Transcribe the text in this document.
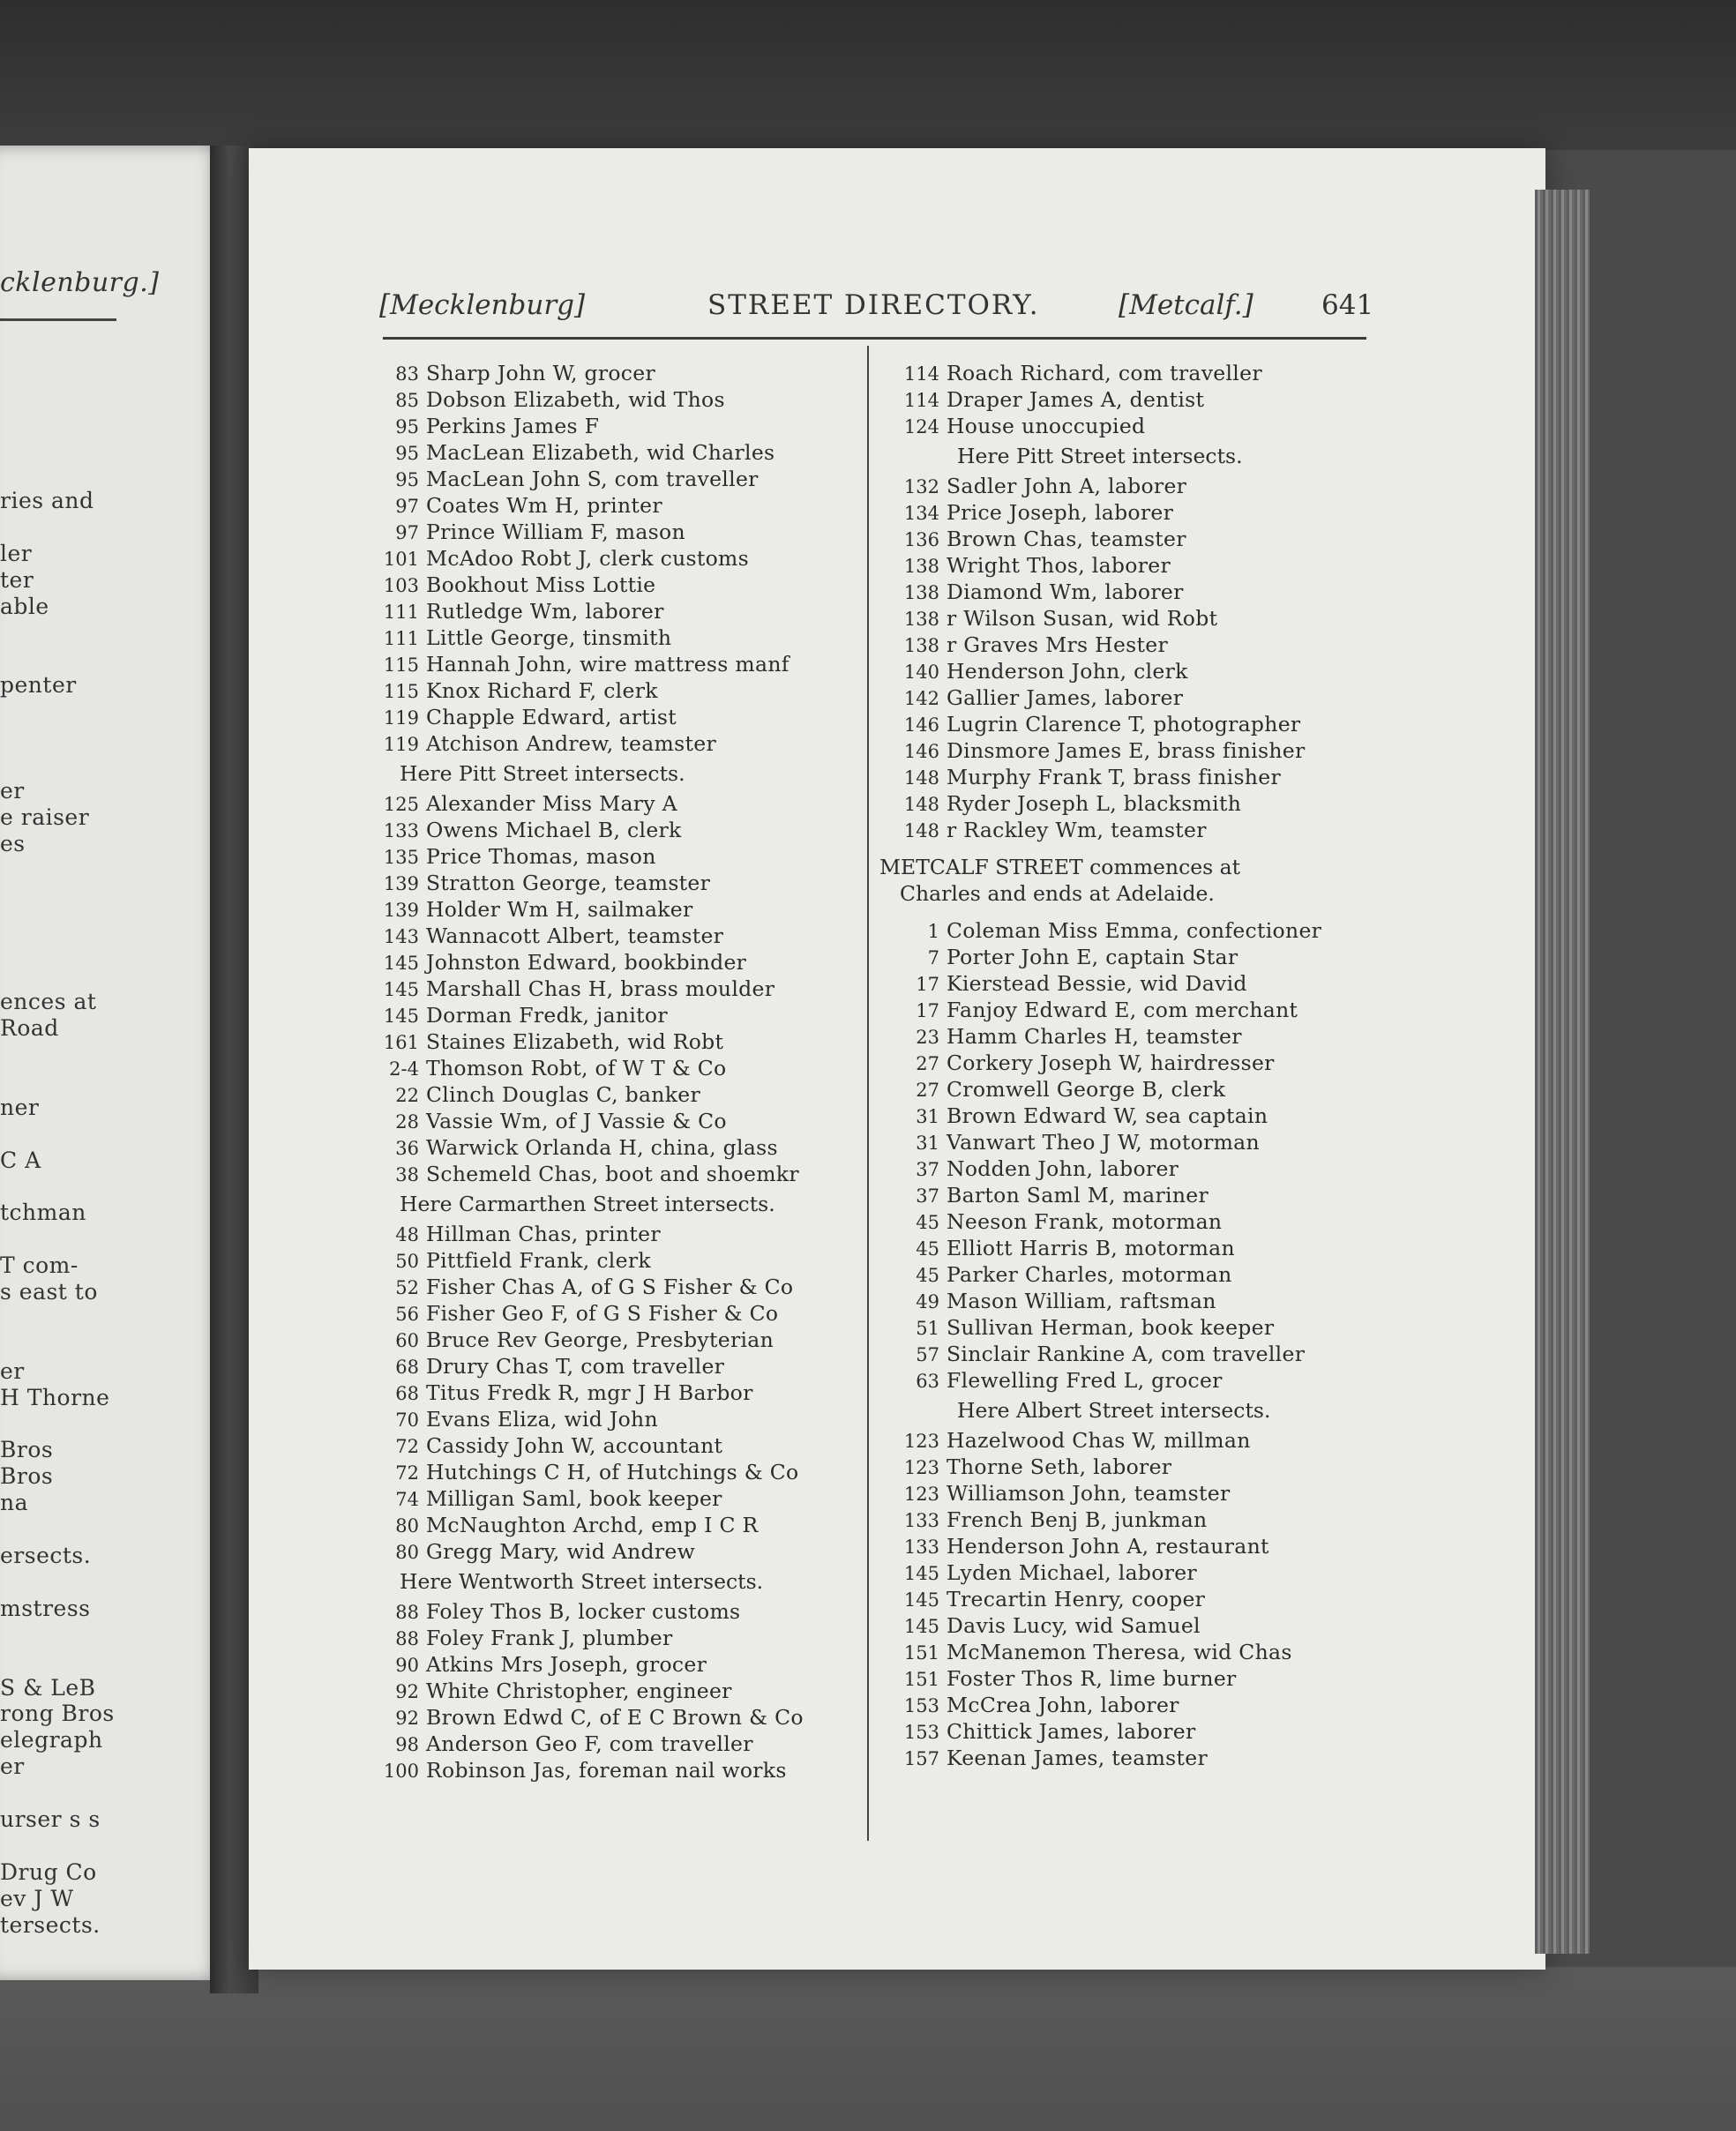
cklenburg.]
ries and
ler
ter
able
penter
er
e raiser
es
ences at
Road
ner
C A
tchman
T com-
s east to
er
H Thorne
Bros
Bros
na
ersects.
mstress
S & LeB
rong Bros
elegraph
er
urser s s
Drug Co
ev J W
tersects.
[Mecklenburg]	STREET DIRECTORY.	[Metcalf.] 641
83 Sharp John W, grocer
85 Dobson Elizabeth, wid Thos
95 Perkins James F
95 MacLean Elizabeth, wid Charles
95 MacLean John S, com traveller
97 Coates Wm H, printer
97 Prince William F, mason
101 McAdoo Robt J, clerk customs
103 Bookhout Miss Lottie
111 Rutledge Wm, laborer
111 Little George, tinsmith
115 Hannah John, wire mattress manf
115 Knox Richard F, clerk
119 Chapple Edward, artist
119 Atchison Andrew, teamster
Here Pitt Street intersects.
125 Alexander Miss Mary A
133 Owens Michael B, clerk
135 Price Thomas, mason
139 Stratton George, teamster
139 Holder Wm H, sailmaker
143 Wannacott Albert, teamster
145 Johnston Edward, bookbinder
145 Marshall Chas H, brass moulder
145 Dorman Fredk, janitor
161 Staines Elizabeth, wid Robt
2-4 Thomson Robt, of W T & Co
22 Clinch Douglas C, banker
28 Vassie Wm, of J Vassie & Co
36 Warwick Orlanda H, china, glass
38 Schemeld Chas, boot and shoemkr
Here Carmarthen Street intersects.
48 Hillman Chas, printer
50 Pittfield Frank, clerk
52 Fisher Chas A, of G S Fisher & Co
56 Fisher Geo F, of G S Fisher & Co
60 Bruce Rev George, Presbyterian
68 Drury Chas T, com traveller
68 Titus Fredk R, mgr J H Barbor
70 Evans Eliza, wid John
72 Cassidy John W, accountant
72 Hutchings C H, of Hutchings & Co
74 Milligan Saml, book keeper
80 McNaughton Archd, emp I C R
80 Gregg Mary, wid Andrew
Here Wentworth Street intersects.
88 Foley Thos B, locker customs
88 Foley Frank J, plumber
90 Atkins Mrs Joseph, grocer
92 White Christopher, engineer
92 Brown Edwd C, of E C Brown & Co
98 Anderson Geo F, com traveller
100 Robinson Jas, foreman nail works
114 Roach Richard, com traveller
114 Draper James A, dentist
124 House unoccupied
Here Pitt Street intersects.
132 Sadler John A, laborer
134 Price Joseph, laborer
136 Brown Chas, teamster
138 Wright Thos, laborer
138 Diamond Wm, laborer
138 r Wilson Susan, wid Robt
138 r Graves Mrs Hester
140 Henderson John, clerk
142 Gallier James, laborer
146 Lugrin Clarence T, photographer
146 Dinsmore James E, brass finisher
148 Murphy Frank T, brass finisher
148 Ryder Joseph L, blacksmith
148 r Rackley Wm, teamster
METCALF STREET commences at
Charles and ends at Adelaide.
1 Coleman Miss Emma, confectioner
7 Porter John E, captain Star
17 Kierstead Bessie, wid David
17 Fanjoy Edward E, com merchant
23 Hamm Charles H, teamster
27 Corkery Joseph W, hairdresser
27 Cromwell George B, clerk
31 Brown Edward W, sea captain
31 Vanwart Theo J W, motorman
37 Nodden John, laborer
37 Barton Saml M, mariner
45 Neeson Frank, motorman
45 Elliott Harris B, motorman
45 Parker Charles, motorman
49 Mason William, raftsman
51 Sullivan Herman, book keeper
57 Sinclair Rankine A, com traveller
63 Flewelling Fred L, grocer
Here Albert Street intersects.
123 Hazelwood Chas W, millman
123 Thorne Seth, laborer
123 Williamson John, teamster
133 French Benj B, junkman
133 Henderson John A, restaurant
145 Lyden Michael, laborer
145 Trecartin Henry, cooper
145 Davis Lucy, wid Samuel
151 McManemon Theresa, wid Chas
151 Foster Thos R, lime burner
153 McCrea John, laborer
153 Chittick James, laborer
157 Keenan James, teamster
